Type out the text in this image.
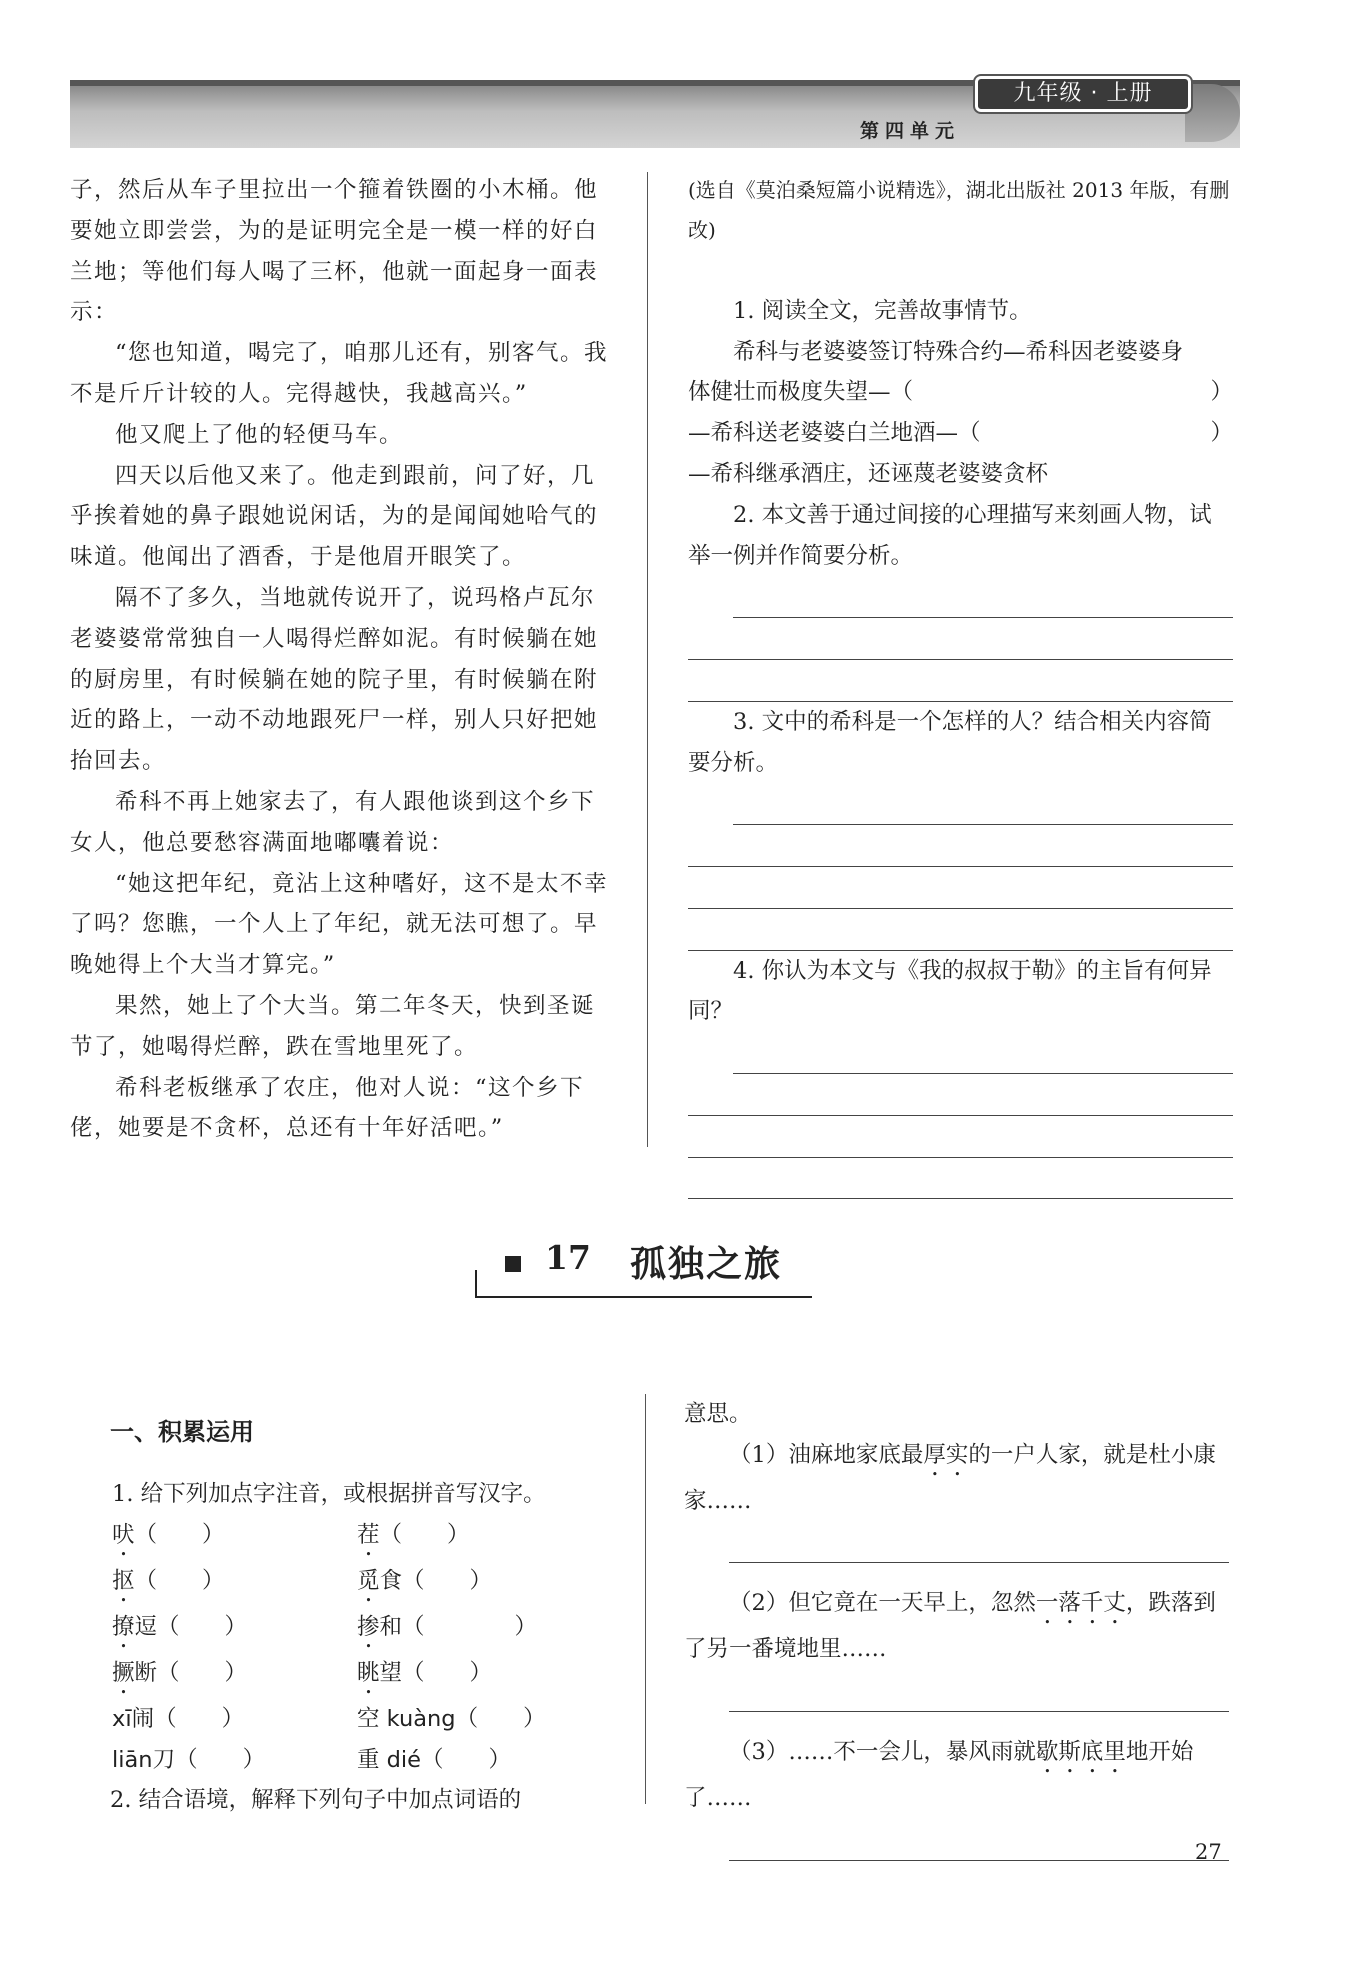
九年级 · 上册
第四单元

子，然后从车子里拉出一个箍着铁圈的小木桶。他要她立即尝尝，为的是证明完全是一模一样的好白兰地；等他们每人喝了三杯，他就一面起身一面表示：

“您也知道，喝完了，咱那儿还有，别客气。我不是斤斤计较的人。完得越快，我越高兴。”

他又爬上了他的轻便马车。

四天以后他又来了。他走到跟前，问了好，几乎挨着她的鼻子跟她说闲话，为的是闻闻她哈气的味道。他闻出了酒香，于是他眉开眼笑了。

隔不了多久，当地就传说开了，说玛格卢瓦尔老婆婆常常独自一人喝得烂醉如泥。有时候躺在她的厨房里，有时候躺在她的院子里，有时候躺在附近的路上，一动不动地跟死尸一样，别人只好把她抬回去。

希科不再上她家去了，有人跟他谈到这个乡下女人，他总要愁容满面地嘟囔着说：

“她这把年纪，竟沾上这种嗜好，这不是太不幸了吗？您瞧，一个人上了年纪，就无法可想了。早晚她得上个大当才算完。”

果然，她上了个大当。第二年冬天，快到圣诞节了，她喝得烂醉，跌在雪地里死了。

希科老板继承了农庄，他对人说：“这个乡下佬，她要是不贪杯，总还有十年好活吧。”

(选自《莫泊桑短篇小说精选》，湖北出版社 2013 年版，有删改)

1. 阅读全文，完善故事情节。

希科与老婆婆签订特殊合约—希科因老婆婆身

体健壮而极度失望—（	）
—希科送老婆婆白兰地酒—（	）

—希科继承酒庄，还诬蔑老婆婆贪杯

2. 本文善于通过间接的心理描写来刻画人物，试举一例并作简要分析。

3. 文中的希科是一个怎样的人？结合相关内容简要分析。

4. 你认为本文与《我的叔叔于勒》的主旨有何异同？

17 孤独之旅

一、积累运用

1. 给下列加点字注音，或根据拼音写汉字。

吠（　　）	茬（　　）
抠（　　）	觅食（　　）
撩逗（　　）	掺和（　　　　）
撅断（　　）	眺望（　　）
xī闹（　　）	空 kuàng（　　）
liān刀（　　）	重 dié（　　）

2. 结合语境，解释下列句子中加点词语的

意思。

（1）油麻地家底最厚实的一户人家，就是杜小康家……

（2）但它竟在一天早上，忽然一落千丈，跌落到了另一番境地里……

（3）……不一会儿，暴风雨就歇斯底里地开始了……

27
